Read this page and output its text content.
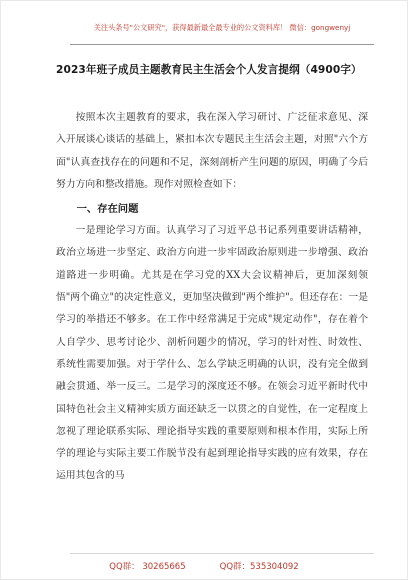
关注头条号"公文研究"，获得最新最全最专业的公文资料库！ 微信：gongwenyj
2023年班子成员主题教育民主生活会个人发言提纲（4900字）

按照本次主题教育的要求，我在深入学习研讨、广泛征求意见、深入开展谈心谈话的基础上，紧扣本次专题民主生活会主题，对照"六个方面"认真查找存在的问题和不足，深刻剖析产生问题的原因，明确了今后努力方向和整改措施。现作对照检查如下：

一、存在问题

一是理论学习方面。认真学习了习近平总书记系列重要讲话精神，政治立场进一步坚定、政治方向进一步牢固政治原则进一步增强、政治道路进一步明确。尤其是在学习党的XX大会议精神后，更加深刻领悟"两个确立"的决定性意义，更加坚决做到"两个维护"。但还存在：一是学习的举措还不够多。在工作中经常满足于完成"规定动作"，存在着个人自学少、思考讨论少、剖析问题少的情况，学习的针对性、时效性、系统性需要加强。对于学什么、怎么学缺乏明确的认识，没有完全做到融会贯通、举一反三。二是学习的深度还不够。在领会习近平新时代中国特色社会主义精神实质方面还缺乏一以贯之的自觉性，在一定程度上忽视了理论联系实际、理论指导实践的重要原则和根本作用，实际上所学的理论与实际主要工作脱节没有起到理论指导实践的应有效果，存在运用其包含的马

QQ群： 30265665	QQ群：535304092
